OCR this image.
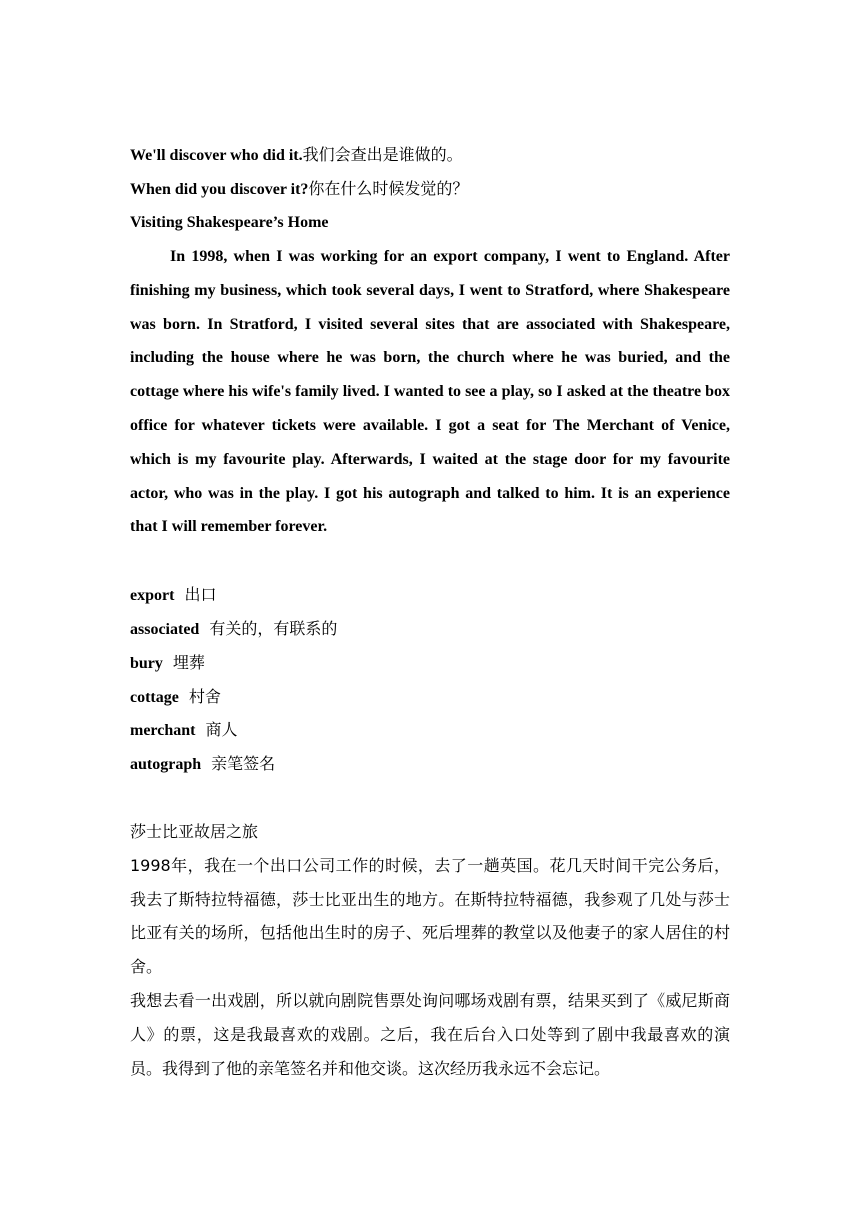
We'll discover who did it.我们会查出是谁做的。
When did you discover it?你在什么时候发觉的？
Visiting Shakespeare’s Home

In 1998, when I was working for an export company, I went to England. After finishing my business, which took several days, I went to Stratford, where Shakespeare was born. In Stratford, I visited several sites that are associated with Shakespeare, including the house where he was born, the church where he was buried, and the cottage where his wife's family lived. I wanted to see a play, so I asked at the theatre box office for whatever tickets were available. I got a seat for The Merchant of Venice, which is my favourite play. Afterwards, I waited at the stage door for my favourite actor, who was in the play. I got his autograph and talked to him. It is an experience that I will remember forever.

export 出口
associated 有关的，有联系的
bury 埋葬
cottage 村舍
merchant 商人
autograph 亲笔签名
莎士比亚故居之旅

1998年，我在一个出口公司工作的时候，去了一趟英国。花几天时间干完公务后，我去了斯特拉特福德，莎士比亚出生的地方。在斯特拉特福德，我参观了几处与莎士比亚有关的场所，包括他出生时的房子、死后埋葬的教堂以及他妻子的家人居住的村舍。

我想去看一出戏剧，所以就向剧院售票处询问哪场戏剧有票，结果买到了《威尼斯商人》的票，这是我最喜欢的戏剧。之后，我在后台入口处等到了剧中我最喜欢的演员。我得到了他的亲笔签名并和他交谈。这次经历我永远不会忘记。
